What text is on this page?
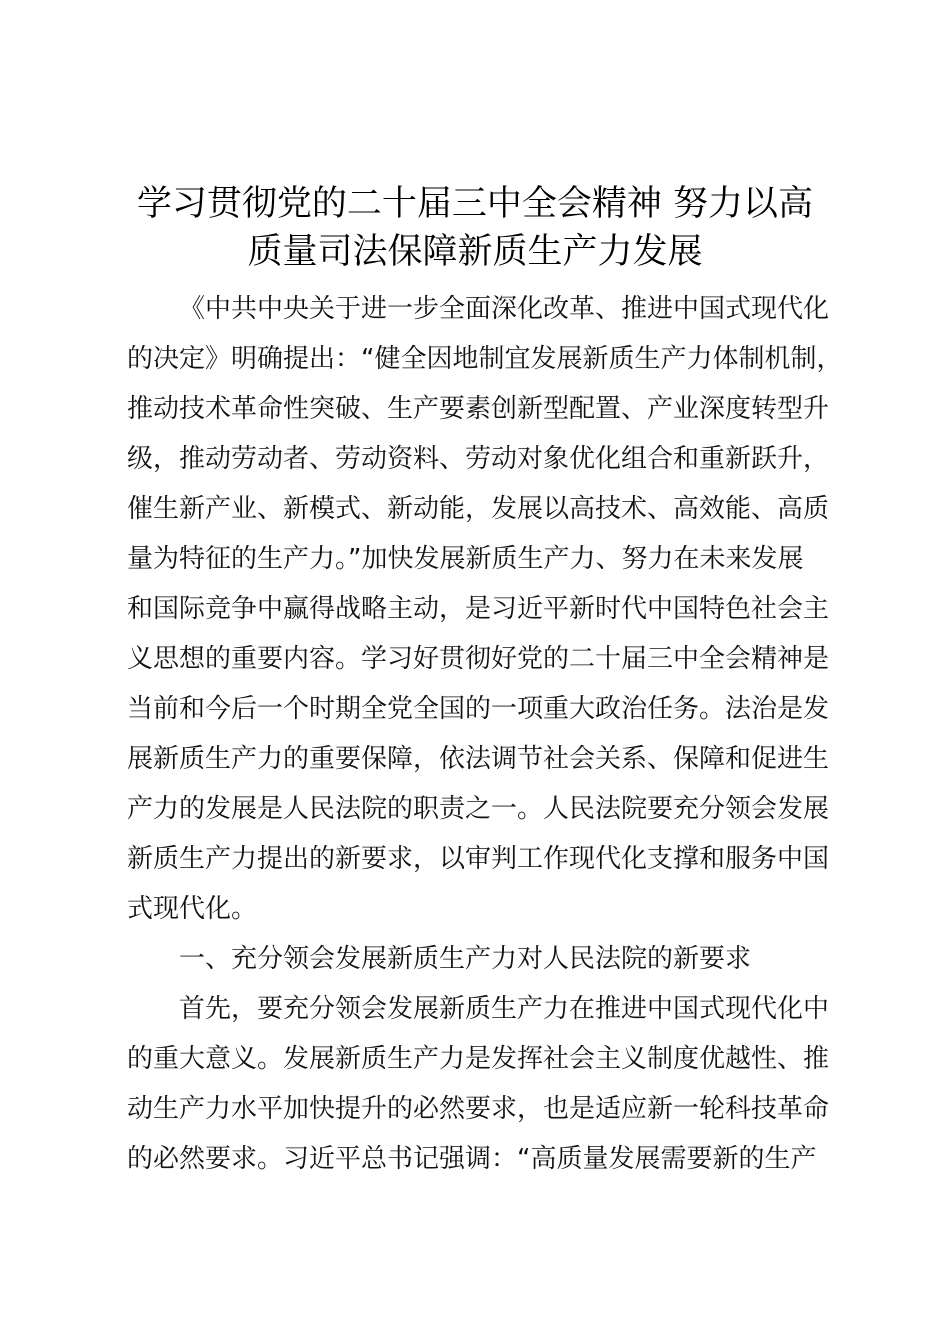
学习贯彻党的二十届三中全会精神 努力以高
质量司法保障新质生产力发展
《中共中央关于进一步全面深化改革、推进中国式现代化
的决定》明确提出：“健全因地制宜发展新质生产力体制机制，
推动技术革命性突破、生产要素创新型配置、产业深度转型升
级，推动劳动者、劳动资料、劳动对象优化组合和重新跃升，
催生新产业、新模式、新动能，发展以高技术、高效能、高质
量为特征的生产力。”加快发展新质生产力、努力在未来发展
和国际竞争中赢得战略主动，是习近平新时代中国特色社会主
义思想的重要内容。学习好贯彻好党的二十届三中全会精神是
当前和今后一个时期全党全国的一项重大政治任务。法治是发
展新质生产力的重要保障，依法调节社会关系、保障和促进生
产力的发展是人民法院的职责之一。人民法院要充分领会发展
新质生产力提出的新要求，以审判工作现代化支撑和服务中国
式现代化。
一、充分领会发展新质生产力对人民法院的新要求
首先，要充分领会发展新质生产力在推进中国式现代化中
的重大意义。发展新质生产力是发挥社会主义制度优越性、推
动生产力水平加快提升的必然要求，也是适应新一轮科技革命
的必然要求。习近平总书记强调：“高质量发展需要新的生产
